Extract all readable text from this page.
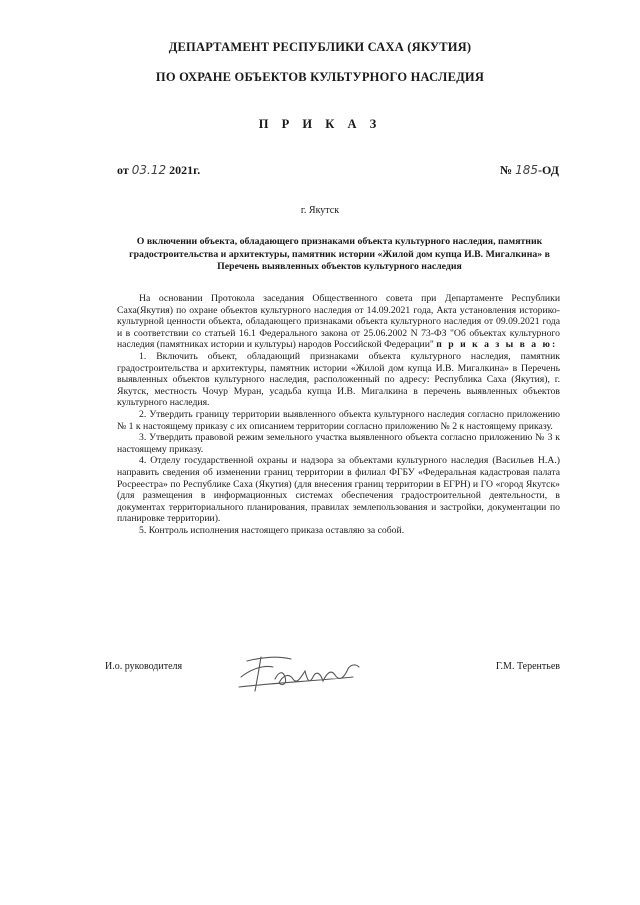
ДЕПАРТАМЕНТ РЕСПУБЛИКИ САХА (ЯКУТИЯ)
ПО ОХРАНЕ ОБЪЕКТОВ КУЛЬТУРНОГО НАСЛЕДИЯ
П Р И К А З
от 03.12 2021г.	№ 185-ОД
г. Якутск
О включении объекта, обладающего признаками объекта культурного наследия, памятник градостроительства и архитектуры, памятник истории «Жилой дом купца И.В. Мигалкина» в Перечень выявленных объектов культурного наследия

На основании Протокола заседания Общественного совета при Департаменте Республики Саха(Якутия) по охране объектов культурного наследия от 14.09.2021 года, Акта установления историко-культурной ценности объекта, обладающего признаками объекта культурного наследия от 09.09.2021 года и в соответствии со статьей 16.1 Федерального закона от 25.06.2002 N 73-ФЗ "Об объектах культурного наследия (памятниках истории и культуры) народов Российской Федерации" п р и к а з ы в а ю:

1. Включить объект, обладающий признаками объекта культурного наследия, памятник градостроительства и архитектуры, памятник истории «Жилой дом купца И.В. Мигалкина» в Перечень выявленных объектов культурного наследия, расположенный по адресу: Республика Саха (Якутия), г. Якутск, местность Чочур Муран, усадьба купца И.В. Мигалкина в перечень выявленных объектов культурного наследия.

2. Утвердить границу территории выявленного объекта культурного наследия согласно приложению № 1 к настоящему приказу с их описанием территории согласно приложению № 2 к настоящему приказу.

3. Утвердить правовой режим земельного участка выявленного объекта согласно приложению № 3 к настоящему приказу.

4. Отделу государственной охраны и надзора за объектами культурного наследия (Васильев Н.А.) направить сведения об изменении границ территории в филиал ФГБУ «Федеральная кадастровая палата Росреестра» по Республике Саха (Якутия) (для внесения границ территории в ЕГРН) и ГО «город Якутск» (для размещения в информационных системах обеспечения градостроительной деятельности, в документах территориального планирования, правилах землепользования и застройки, документации по планировке территории).

5. Контроль исполнения настоящего приказа оставляю за собой.

И.о. руководителя	Г.М. Терентьев
